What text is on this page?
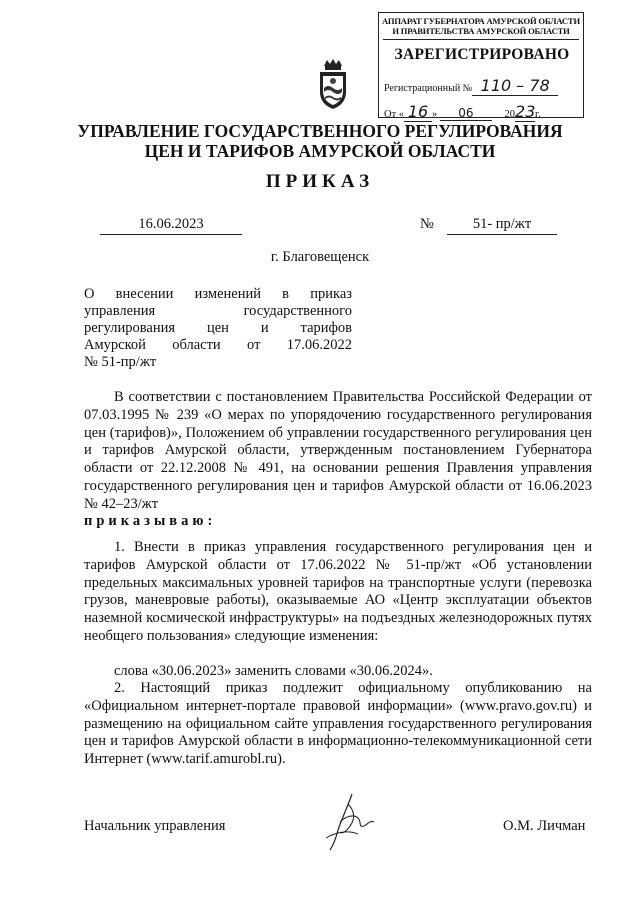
АППАРАТ ГУБЕРНАТОРА АМУРСКОЙ ОБЛАСТИ
И ПРАВИТЕЛЬСТВА АМУРСКОЙ ОБЛАСТИ
ЗАРЕГИСТРИРОВАНО
Регистрационный № 110 – 78
От « 16 » 06	2023г.
УПРАВЛЕНИЕ ГОСУДАРСТВЕННОГО РЕГУЛИРОВАНИЯ
ЦЕН И ТАРИФОВ АМУРСКОЙ ОБЛАСТИ
ПРИКАЗ
16.06.2023	№	51- пр/жт
г. Благовещенск
О внесении изменений в приказ
управления государственного
регулирования цен и тарифов
Амурской области от 17.06.2022
№ 51-пр/жт
В соответствии с постановлением Правительства Российской Федерации от 07.03.1995 № 239 «О мерах по упорядочению государственного регулирования цен (тарифов)», Положением об управлении государственного регулирования цен и тарифов Амурской области, утвержденным постановлением Губернатора области от 22.12.2008 № 491, на основании решения Правления управления государственного регулирования цен и тарифов Амурской области от 16.06.2023 № 42–23/жт
приказываю:
1. Внести в приказ управления государственного регулирования цен и тарифов Амурской области от 17.06.2022 № 51-пр/жт «Об установлении предельных максимальных уровней тарифов на транспортные услуги (перевозка грузов, маневровые работы), оказываемые АО «Центр эксплуатации объектов наземной космической инфраструктуры» на подъездных железнодорожных путях необщего пользования» следующие изменения:
слова «30.06.2023» заменить словами «30.06.2024».
2. Настоящий приказ подлежит официальному опубликованию на «Официальном интернет-портале правовой информации» (www.pravo.gov.ru) и размещению на официальном сайте управления государственного регулирования цен и тарифов Амурской области в информационно-телекоммуникационной сети Интернет (www.tarif.amurobl.ru).
Начальник управления	О.М. Личман
